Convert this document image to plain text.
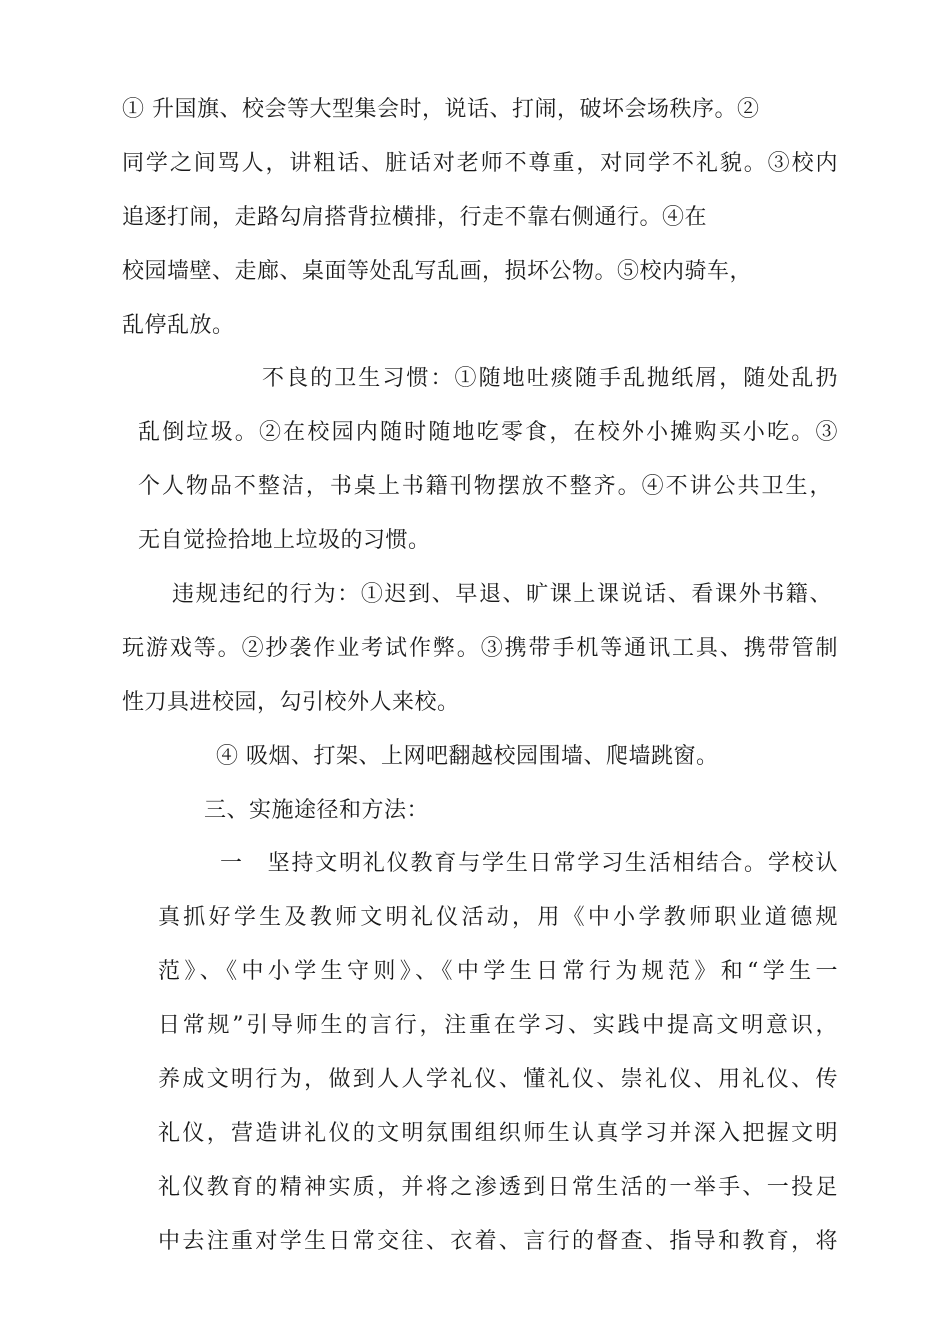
① 升国旗、校会等大型集会时，说话、打闹，破坏会场秩序。②
同学之间骂人，讲粗话、脏话对老师不尊重，对同学不礼貌。③校内
追逐打闹，走路勾肩搭背拉横排，行走不靠右侧通行。④在
校园墙壁、走廊、桌面等处乱写乱画，损坏公物。⑤校内骑车，
乱停乱放。
不良的卫生习惯：①随地吐痰随手乱抛纸屑，随处乱扔
乱倒垃圾。②在校园内随时随地吃零食，在校外小摊购买小吃。③
个人物品不整洁，书桌上书籍刊物摆放不整齐。④不讲公共卫生，
无自觉捡拾地上垃圾的习惯。
违规违纪的行为：①迟到、早退、旷课上课说话、看课外书籍、
玩游戏等。②抄袭作业考试作弊。③携带手机等通讯工具、携带管制
性刀具进校园，勾引校外人来校。
④ 吸烟、打架、上网吧翻越校园围墙、爬墙跳窗。
三、实施途径和方法：
一　坚持文明礼仪教育与学生日常学习生活相结合。学校认
真抓好学生及教师文明礼仪活动，用《中小学教师职业道德规
范》、《中小学生守则》、《中学生日常行为规范》和“学生一
日常规”引导师生的言行，注重在学习、实践中提高文明意识，
养成文明行为，做到人人学礼仪、懂礼仪、崇礼仪、用礼仪、传
礼仪，营造讲礼仪的文明氛围组织师生认真学习并深入把握文明
礼仪教育的精神实质，并将之渗透到日常生活的一举手、一投足
中去注重对学生日常交往、衣着、言行的督查、指导和教育，将
